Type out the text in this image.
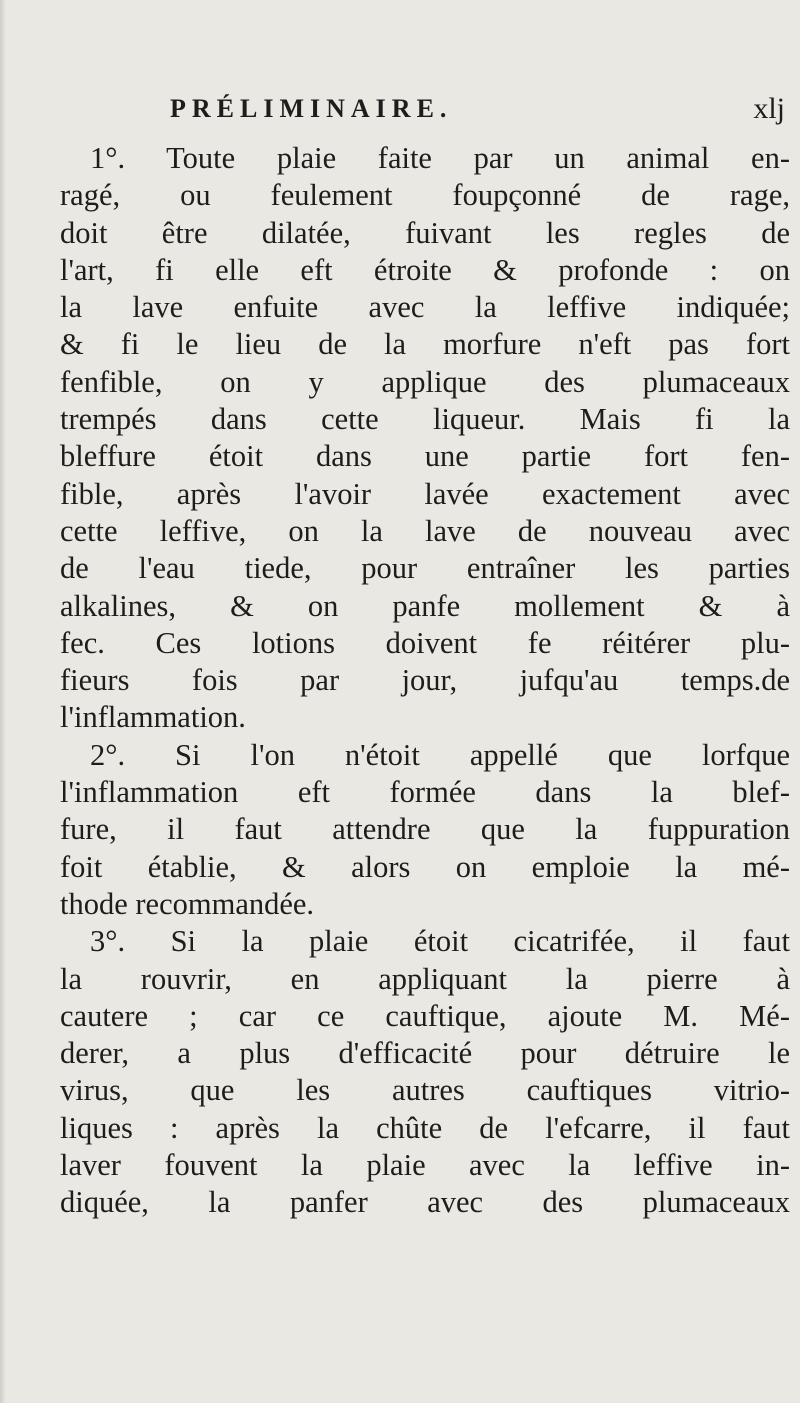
PRÉLIMINAIRE.	xlj
1°. Toute plaie faite par un animal en-
ragé, ou feulement foupçonné de rage,
doit être dilatée, fuivant les regles de
l'art, fi elle eft étroite & profonde : on
la lave enfuite avec la leffive indiquée;
& fi le lieu de la morfure n'eft pas fort
fenfible, on y applique des plumaceaux
trempés dans cette liqueur. Mais fi la
bleffure étoit dans une partie fort fen-
fible, après l'avoir lavée exactement avec
cette leffive, on la lave de nouveau avec
de l'eau tiede, pour entraîner les parties
alkalines, & on panfe mollement & à
fec. Ces lotions doivent fe réitérer plu-
fieurs fois par jour, jufqu'au temps.de
l'inflammation.
2°. Si l'on n'étoit appellé que lorfque
l'inflammation eft formée dans la blef-
fure, il faut attendre que la fuppuration
foit établie, & alors on emploie la mé-
thode recommandée.
3°. Si la plaie étoit cicatrifée, il faut
la rouvrir, en appliquant la pierre à
cautere ; car ce cauftique, ajoute M. Mé-
derer, a plus d'efficacité pour détruire le
virus, que les autres cauftiques vitrio-
liques : après la chûte de l'efcarre, il faut
laver fouvent la plaie avec la leffive in-
diquée, la panfer avec des plumaceaux
